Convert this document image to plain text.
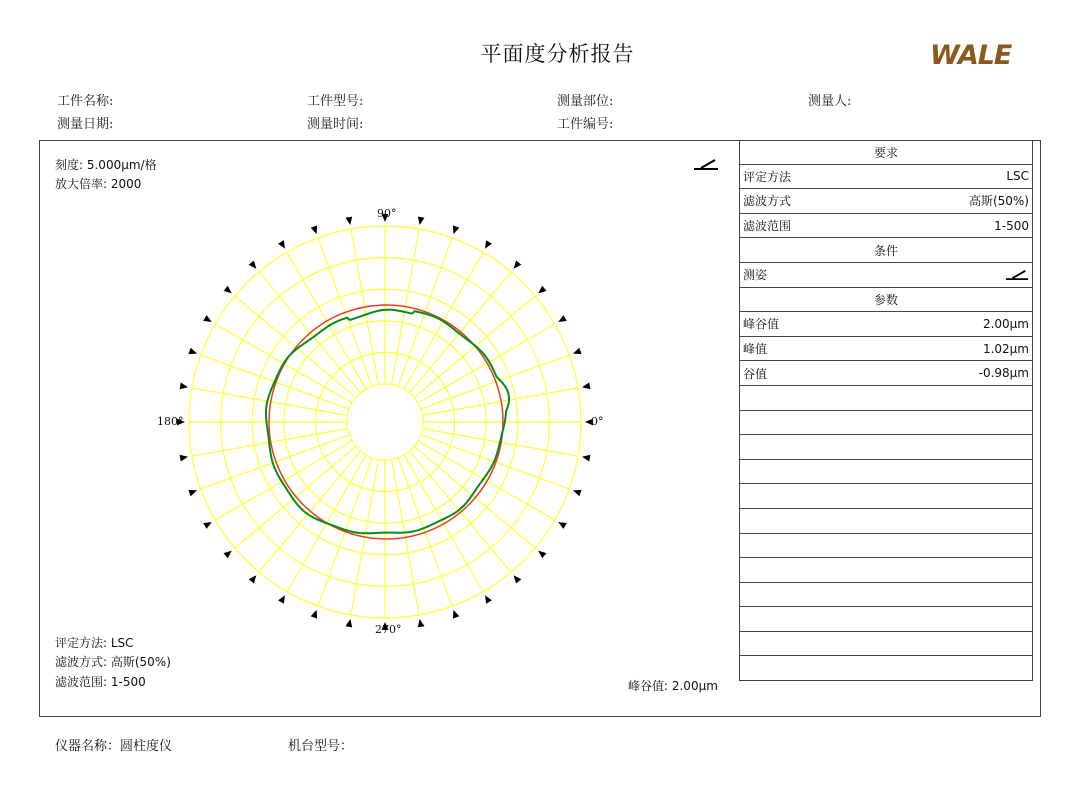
平面度分析报告	WALE
工件名称:	工件型号:	测量部位:	测量人:
测量日期:	测量时间:	工件编号:
刻度: 5.000μm/格
放大倍率: 2000
90°
180°	0°
270°
评定方法: LSC
滤波方式: 高斯(50%)
滤波范围: 1-500	峰谷值: 2.00μm
要求
评定方法	LSC
滤波方式	高斯(50%)
滤波范围	1-500
条件
测姿
参数
峰谷值	2.00μm
峰值	1.02μm
谷值	-0.98μm
仪器名称：圆柱度仪	机台型号：
